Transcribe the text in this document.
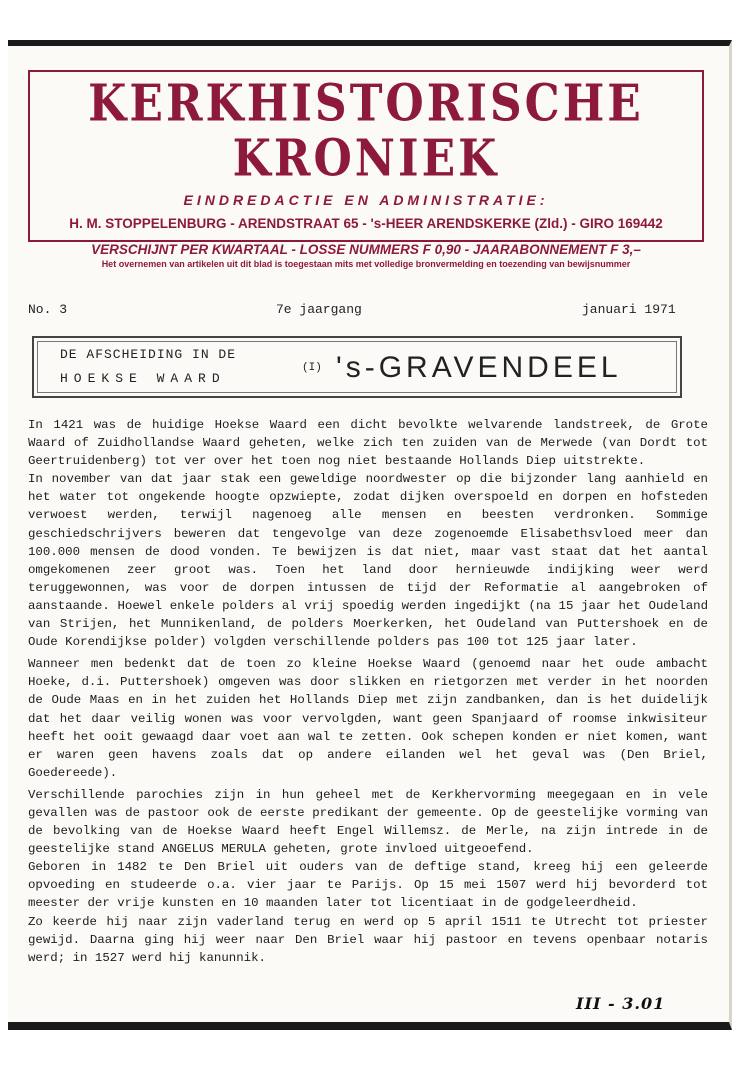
KERKHISTORISCHE KRONIEK
EINDREDACTIE EN ADMINISTRATIE:
H. M. STOPPELENBURG - ARENDSTRAAT 65 - 's-HEER ARENDSKERKE (Zld.) - GIRO 169442
VERSCHIJNT PER KWARTAAL - LOSSE NUMMERS F 0,90 - JAARABONNEMENT F 3,–
Het overnemen van artikelen uit dit blad is toegestaan mits met volledige bronvermelding en toezending van bewijsnummer
No. 3	7e jaargang	januari 1971
DE AFSCHEIDING IN DE
HOEKSE WAARD
(I) 's-GRAVENDEEL

In 1421 was de huidige Hoekse Waard een dicht bevolkte welvarende landstreek, de Grote Waard of Zuidhollandse Waard geheten, welke zich ten zuiden van de Merwede (van Dordt tot Geertruidenberg) tot ver over het toen nog niet bestaande Hollands Diep uitstrekte.

In november van dat jaar stak een geweldige noordwester op die bijzonder lang aanhield en het water tot ongekende hoogte opzwiepte, zodat dijken overspoeld en dorpen en hofsteden verwoest werden, terwijl nagenoeg alle mensen en beesten verdronken. Sommige geschiedschrijvers beweren dat tengevolge van deze zogenoemde Elisabethsvloed meer dan 100.000 mensen de dood vonden. Te bewijzen is dat niet, maar vast staat dat het aantal omgekomenen zeer groot was. Toen het land door hernieuwde indijking weer werd teruggewonnen, was voor de dorpen intussen de tijd der Reformatie al aangebroken of aanstaande. Hoewel enkele polders al vrij spoedig werden ingedijkt (na 15 jaar het Oudeland van Strijen, het Munnikenland, de polders Moerkerken, het Oudeland van Puttershoek en de Oude Korendijkse polder) volgden verschillende polders pas 100 tot 125 jaar later.

Wanneer men bedenkt dat de toen zo kleine Hoekse Waard (genoemd naar het oude ambacht Hoeke, d.i. Puttershoek) omgeven was door slikken en rietgorzen met verder in het noorden de Oude Maas en in het zuiden het Hollands Diep met zijn zandbanken, dan is het duidelijk dat het daar veilig wonen was voor vervolgden, want geen Spanjaard of roomse inkwisiteur heeft het ooit gewaagd daar voet aan wal te zetten. Ook schepen konden er niet komen, want er waren geen havens zoals dat op andere eilanden wel het geval was (Den Briel, Goedereede).

Verschillende parochies zijn in hun geheel met de Kerkhervorming meegegaan en in vele gevallen was de pastoor ook de eerste predikant der gemeente. Op de geestelijke vorming van de bevolking van de Hoekse Waard heeft Engel Willemsz. de Merle, na zijn intrede in de geestelijke stand ANGELUS MERULA geheten, grote invloed uitgeoefend.

Geboren in 1482 te Den Briel uit ouders van de deftige stand, kreeg hij een geleerde opvoeding en studeerde o.a. vier jaar te Parijs. Op 15 mei 1507 werd hij bevorderd tot meester der vrije kunsten en 10 maanden later tot licentiaat in de godgeleerdheid.

Zo keerde hij naar zijn vaderland terug en werd op 5 april 1511 te Utrecht tot priester gewijd. Daarna ging hij weer naar Den Briel waar hij pastoor en tevens openbaar notaris werd; in 1527 werd hij kanunnik.

III - 3.01
